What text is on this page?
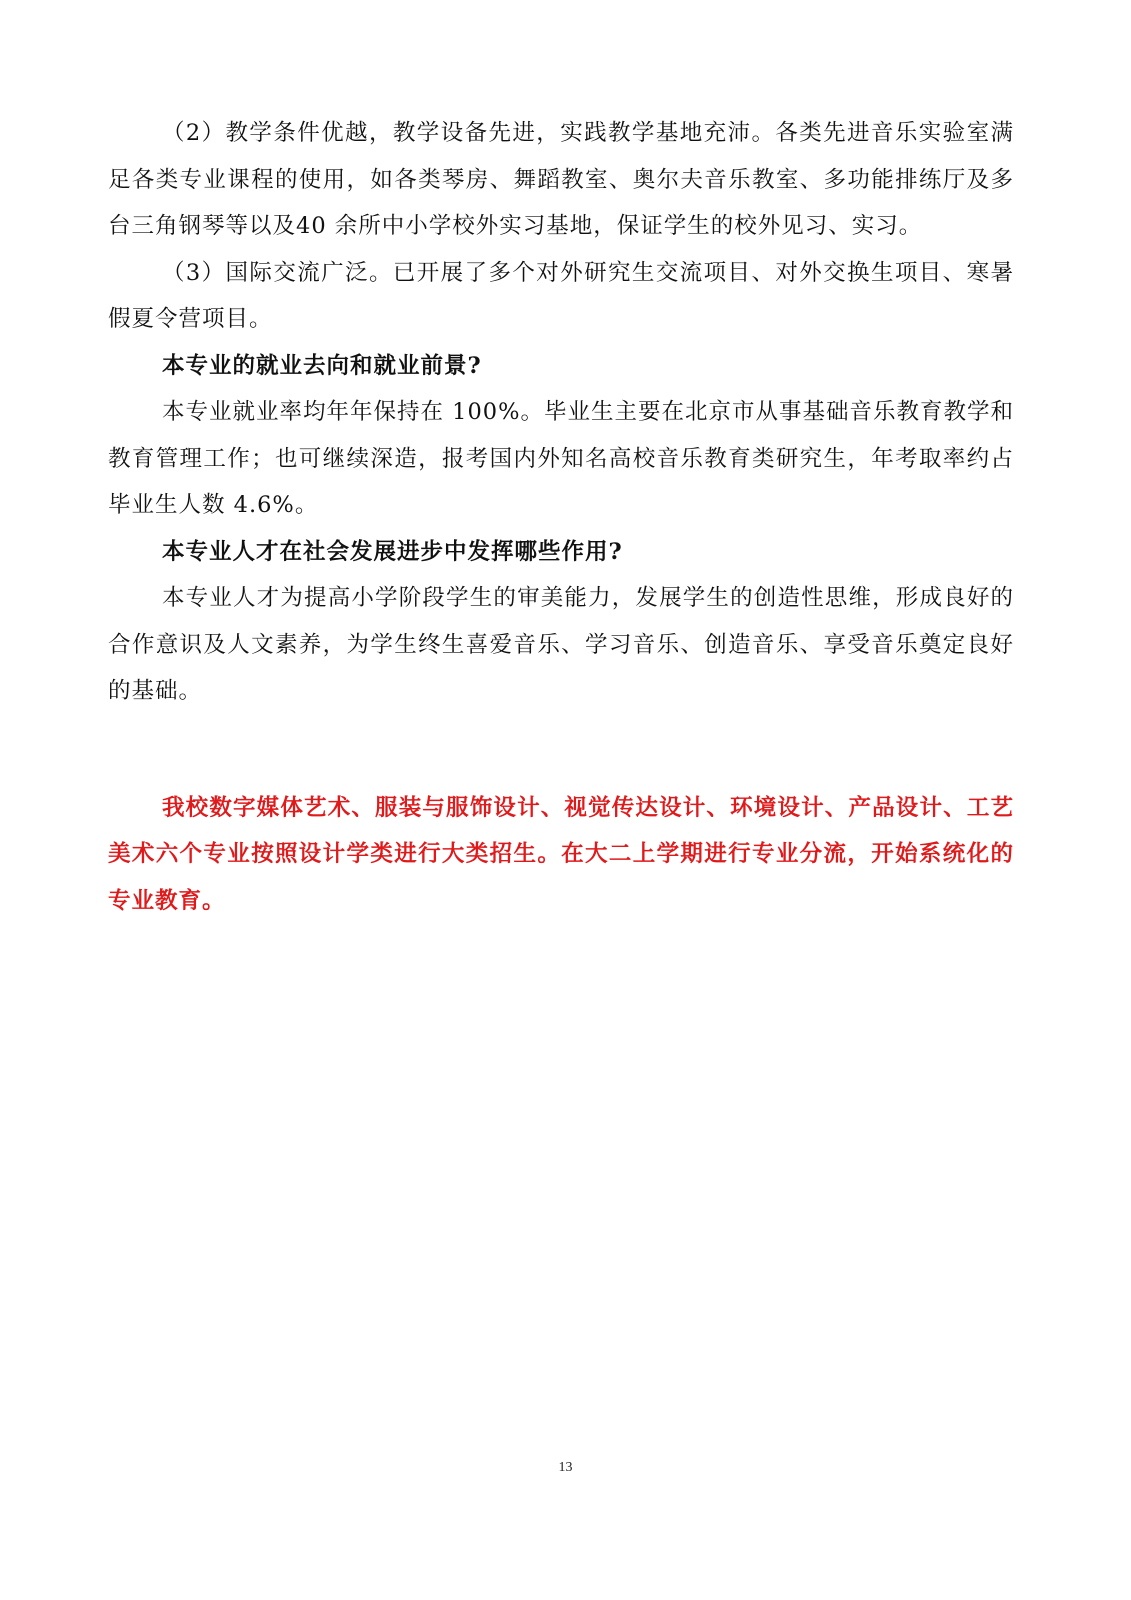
（2）教学条件优越，教学设备先进，实践教学基地充沛。各类先进音乐实验室满足各类专业课程的使用，如各类琴房、舞蹈教室、奥尔夫音乐教室、多功能排练厅及多台三角钢琴等以及40 余所中小学校外实习基地，保证学生的校外见习、实习。

（3）国际交流广泛。已开展了多个对外研究生交流项目、对外交换生项目、寒暑假夏令营项目。

本专业的就业去向和就业前景?

本专业就业率均年年保持在 100%。毕业生主要在北京市从事基础音乐教育教学和教育管理工作；也可继续深造，报考国内外知名高校音乐教育类研究生，年考取率约占毕业生人数 4.6%。

本专业人才在社会发展进步中发挥哪些作用?

本专业人才为提高小学阶段学生的审美能力，发展学生的创造性思维，形成良好的合作意识及人文素养，为学生终生喜爱音乐、学习音乐、创造音乐、享受音乐奠定良好的基础。

我校数字媒体艺术、服装与服饰设计、视觉传达设计、环境设计、产品设计、工艺美术六个专业按照设计学类进行大类招生。在大二上学期进行专业分流，开始系统化的专业教育。

13
